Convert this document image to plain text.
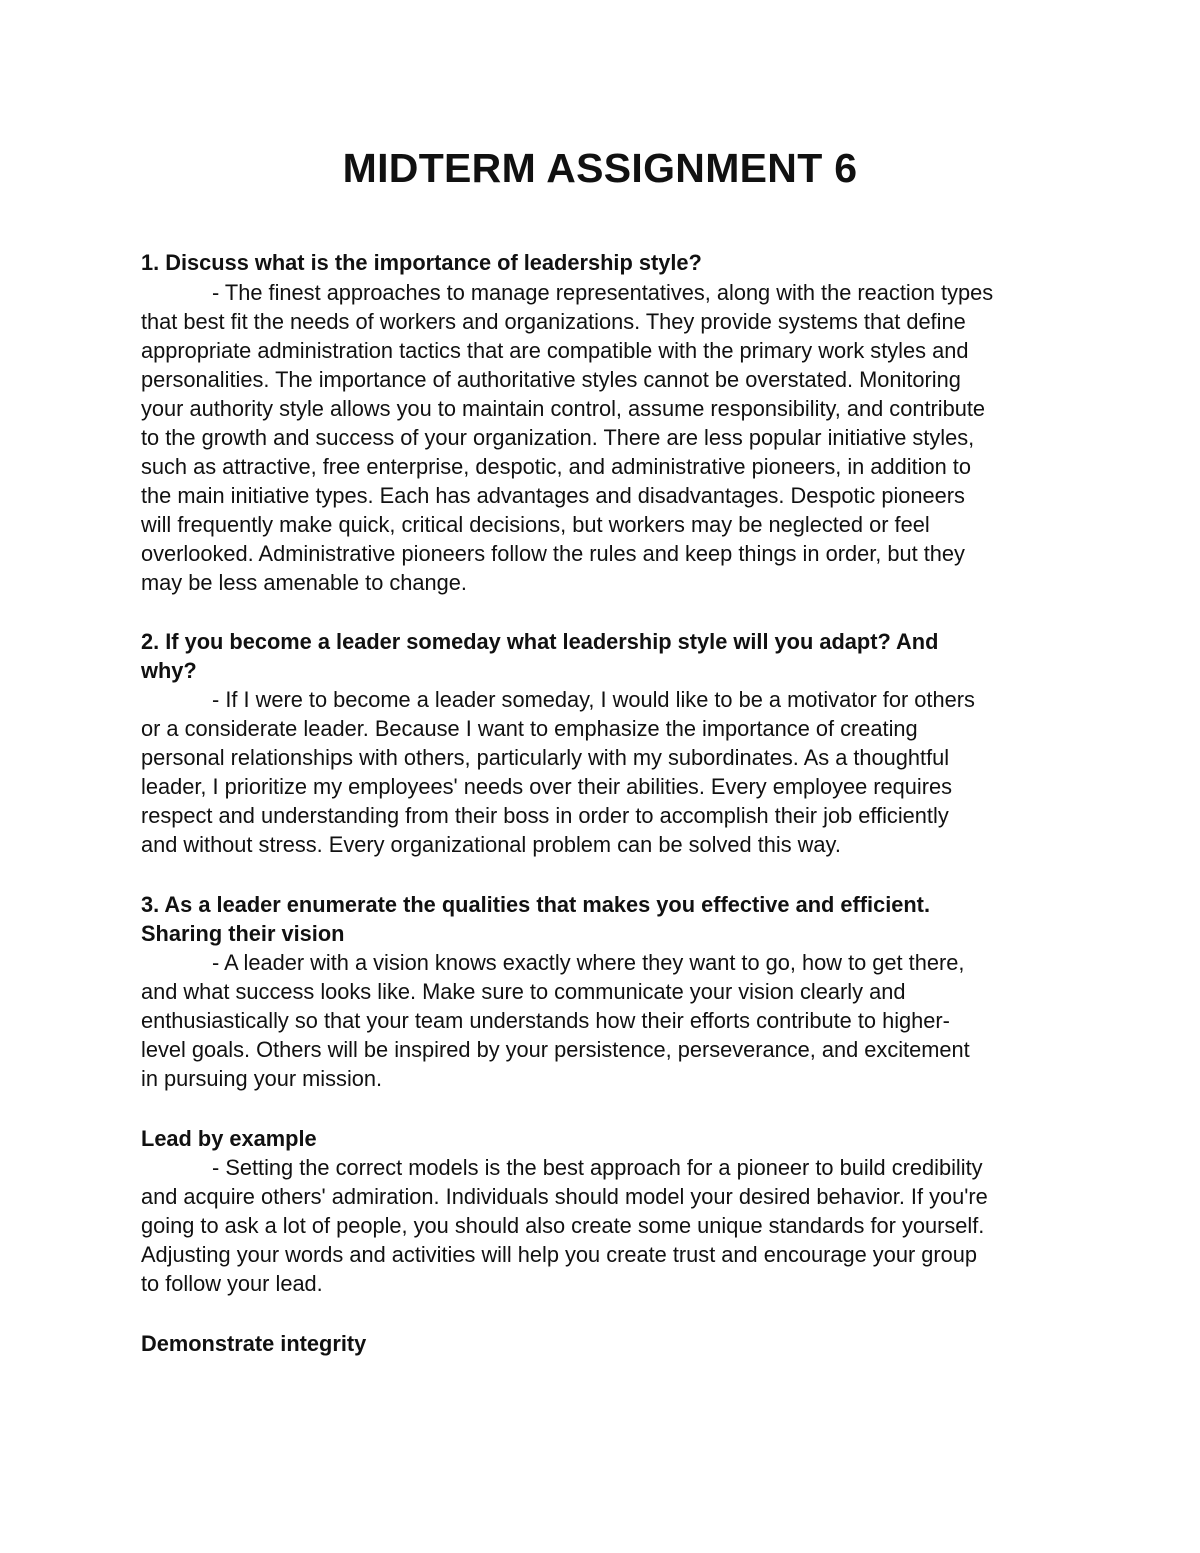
MIDTERM ASSIGNMENT 6
1. Discuss what is the importance of leadership style?
- The finest approaches to manage representatives, along with the reaction types
that best fit the needs of workers and organizations. They provide systems that define
appropriate administration tactics that are compatible with the primary work styles and
personalities. The importance of authoritative styles cannot be overstated. Monitoring
your authority style allows you to maintain control, assume responsibility, and contribute
to the growth and success of your organization. There are less popular initiative styles,
such as attractive, free enterprise, despotic, and administrative pioneers, in addition to
the main initiative types. Each has advantages and disadvantages. Despotic pioneers
will frequently make quick, critical decisions, but workers may be neglected or feel
overlooked. Administrative pioneers follow the rules and keep things in order, but they
may be less amenable to change.
2. If you become a leader someday what leadership style will you adapt? And
why?
- If I were to become a leader someday, I would like to be a motivator for others
or a considerate leader. Because I want to emphasize the importance of creating
personal relationships with others, particularly with my subordinates. As a thoughtful
leader, I prioritize my employees' needs over their abilities. Every employee requires
respect and understanding from their boss in order to accomplish their job efficiently
and without stress. Every organizational problem can be solved this way.
3. As a leader enumerate the qualities that makes you effective and efficient.
Sharing their vision
- A leader with a vision knows exactly where they want to go, how to get there,
and what success looks like. Make sure to communicate your vision clearly and
enthusiastically so that your team understands how their efforts contribute to higher-
level goals. Others will be inspired by your persistence, perseverance, and excitement
in pursuing your mission.
Lead by example
- Setting the correct models is the best approach for a pioneer to build credibility
and acquire others' admiration. Individuals should model your desired behavior. If you're
going to ask a lot of people, you should also create some unique standards for yourself.
Adjusting your words and activities will help you create trust and encourage your group
to follow your lead.
Demonstrate integrity
